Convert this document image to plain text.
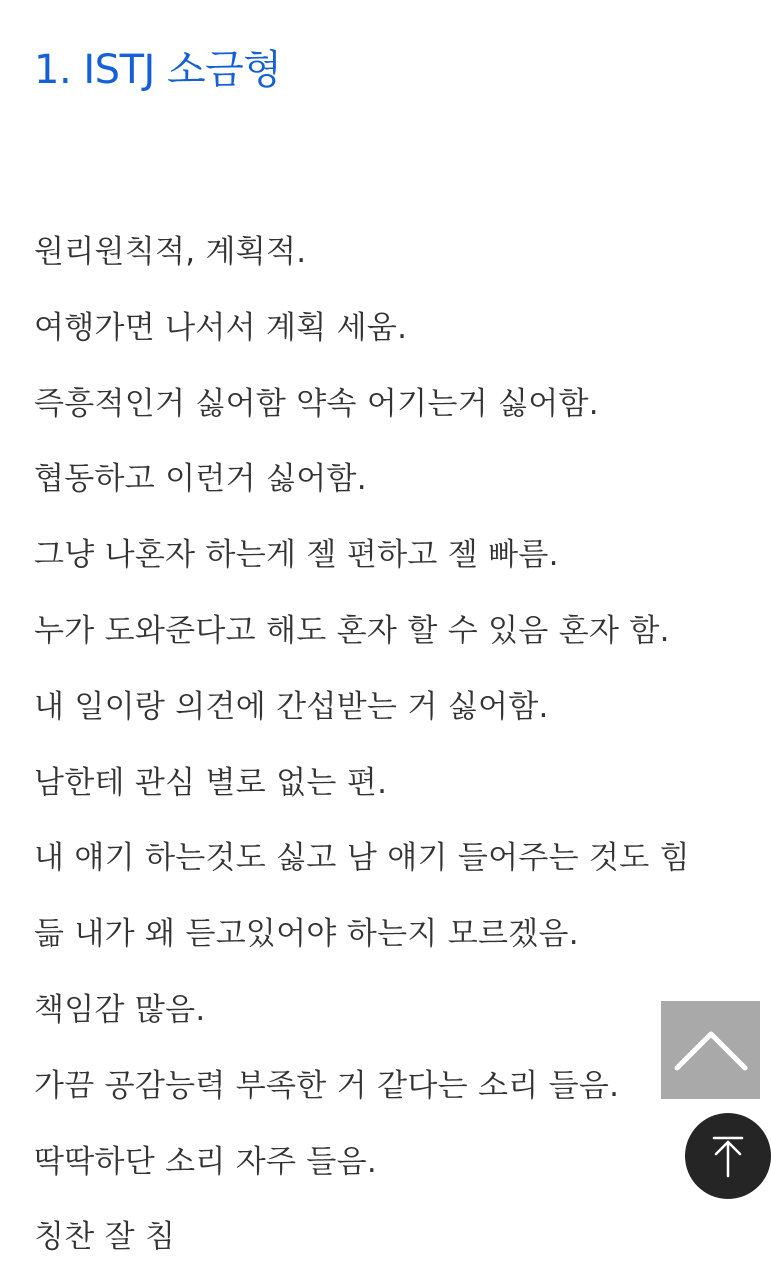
1. ISTJ 소금형
원리원칙적, 계획적.
여행가면 나서서 계획 세움.
즉흥적인거 싫어함 약속 어기는거 싫어함.
협동하고 이런거 싫어함.
그냥 나혼자 하는게 젤 편하고 젤 빠름.
누가 도와준다고 해도 혼자 할 수 있음 혼자 함.
내 일이랑 의견에 간섭받는 거 싫어함.
남한테 관심 별로 없는 편.
내 얘기 하는것도 싫고 남 얘기 들어주는 것도 힘
듦 내가 왜 듣고있어야 하는지 모르겠음.
책임감 많음.
가끔 공감능력 부족한 거 같다는 소리 들음.
딱딱하단 소리 자주 들음.
칭찬 잘 침
